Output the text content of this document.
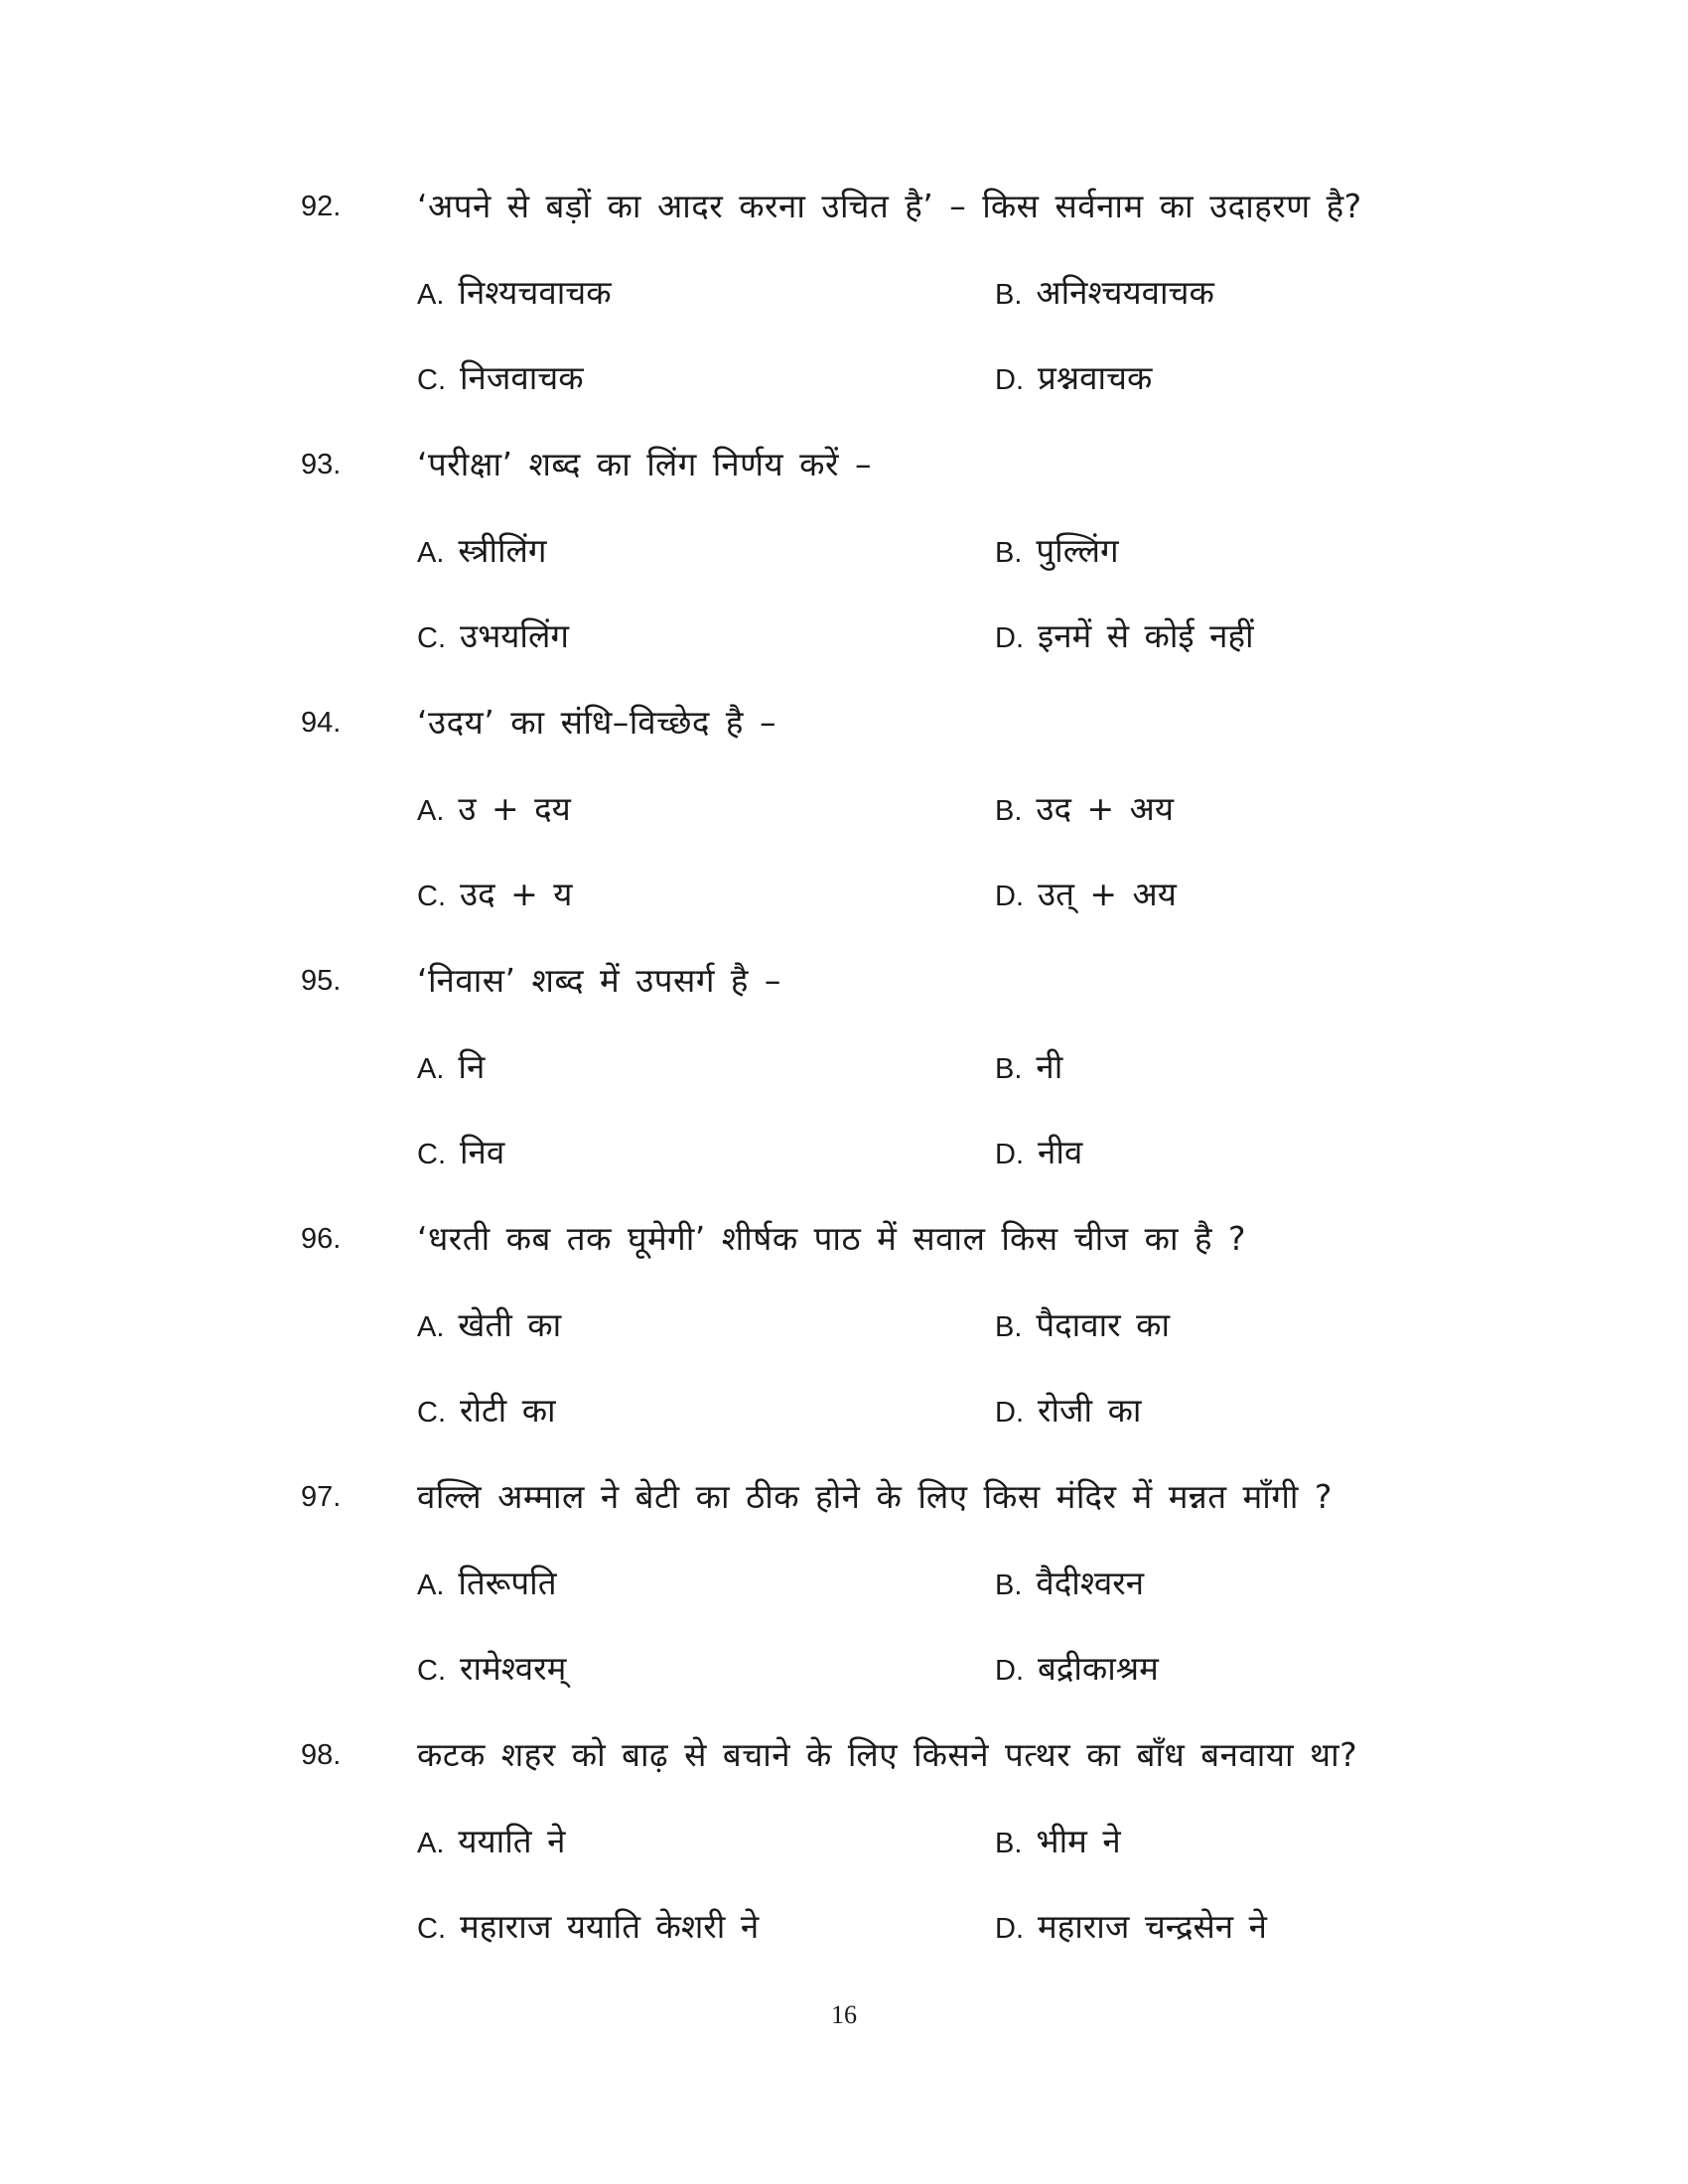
92. ‘अपने से बड़ों का आदर करना उचित है’ – किस सर्वनाम का उदाहरण है?
A. निश्यचवाचक	B. अनिश्चयवाचक
C. निजवाचक	D. प्रश्नवाचक
93. ‘परीक्षा’ शब्द का लिंग निर्णय करें –
A. स्त्रीलिंग	B. पुल्लिंग
C. उभयलिंग	D. इनमें से कोई नहीं
94. ‘उदय’ का संधि–विच्छेद है –
A. उ + दय	B. उद + अय
C. उद + य	D. उत् + अय
95. ‘निवास’ शब्द में उपसर्ग है –
A. नि	B. नी
C. निव	D. नीव
96. ‘धरती कब तक घूमेगी’ शीर्षक पाठ में सवाल किस चीज का है ?
A. खेती का	B. पैदावार का
C. रोटी का	D. रोजी का
97. वल्लि अम्माल ने बेटी का ठीक होने के लिए किस मंदिर में मन्नत माँगी ?
A. तिरूपति	B. वैदीश्वरन
C. रामेश्वरम्	D. बद्रीकाश्रम
98. कटक शहर को बाढ़ से बचाने के लिए किसने पत्थर का बाँध बनवाया था?
A. ययाति ने	B. भीम ने
C. महाराज ययाति केशरी ने	D. महाराज चन्द्रसेन ने
16
